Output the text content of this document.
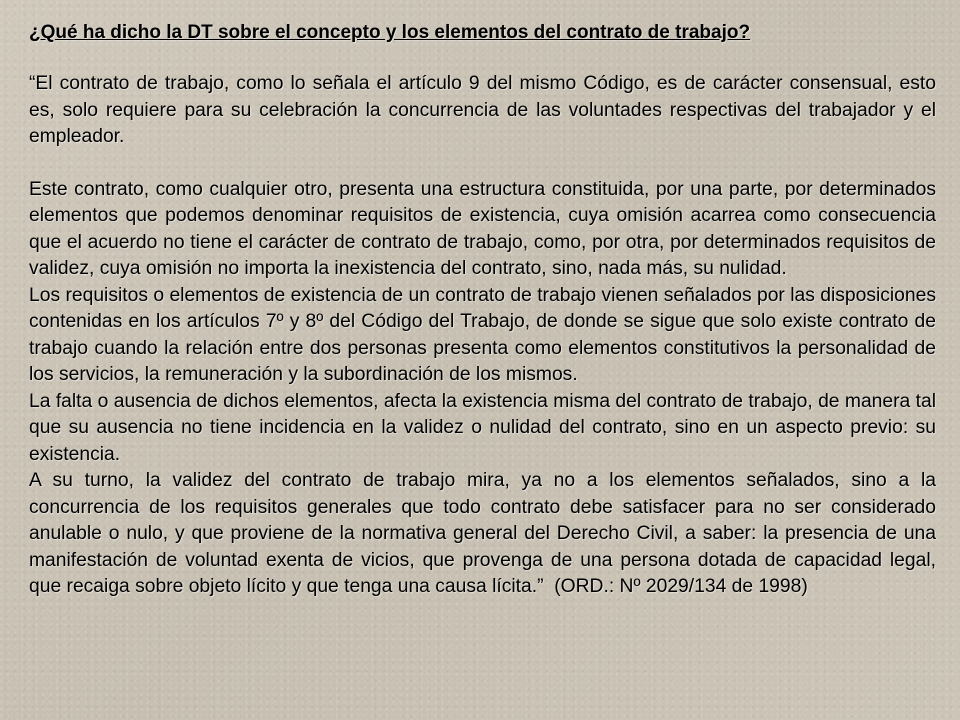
¿Qué ha dicho la DT sobre el concepto y los elementos del contrato de trabajo?

“El contrato de trabajo, como lo señala el artículo 9 del mismo Código, es de carácter consensual, esto es, solo requiere para su celebración la concurrencia de las voluntades respectivas del trabajador y el empleador.

Este contrato, como cualquier otro, presenta una estructura constituida, por una parte, por determinados elementos que podemos denominar requisitos de existencia, cuya omisión acarrea como consecuencia que el acuerdo no tiene el carácter de contrato de trabajo, como, por otra, por determinados requisitos de validez, cuya omisión no importa la inexistencia del contrato, sino, nada más, su nulidad.

Los requisitos o elementos de existencia de un contrato de trabajo vienen señalados por las disposiciones contenidas en los artículos 7º y 8º del Código del Trabajo, de donde se sigue que solo existe contrato de trabajo cuando la relación entre dos personas presenta como elementos constitutivos la personalidad de los servicios, la remuneración y la subordinación de los mismos.

La falta o ausencia de dichos elementos, afecta la existencia misma del contrato de trabajo, de manera tal que su ausencia no tiene incidencia en la validez o nulidad del contrato, sino en un aspecto previo: su existencia.

A su turno, la validez del contrato de trabajo mira, ya no a los elementos señalados, sino a la concurrencia de los requisitos generales que todo contrato debe satisfacer para no ser considerado anulable o nulo, y que proviene de la normativa general del Derecho Civil, a saber: la presencia de una manifestación de voluntad exenta de vicios, que provenga de una persona dotada de capacidad legal, que recaiga sobre objeto lícito y que tenga una causa lícita.” (ORD.: Nº 2029/134 de 1998)
